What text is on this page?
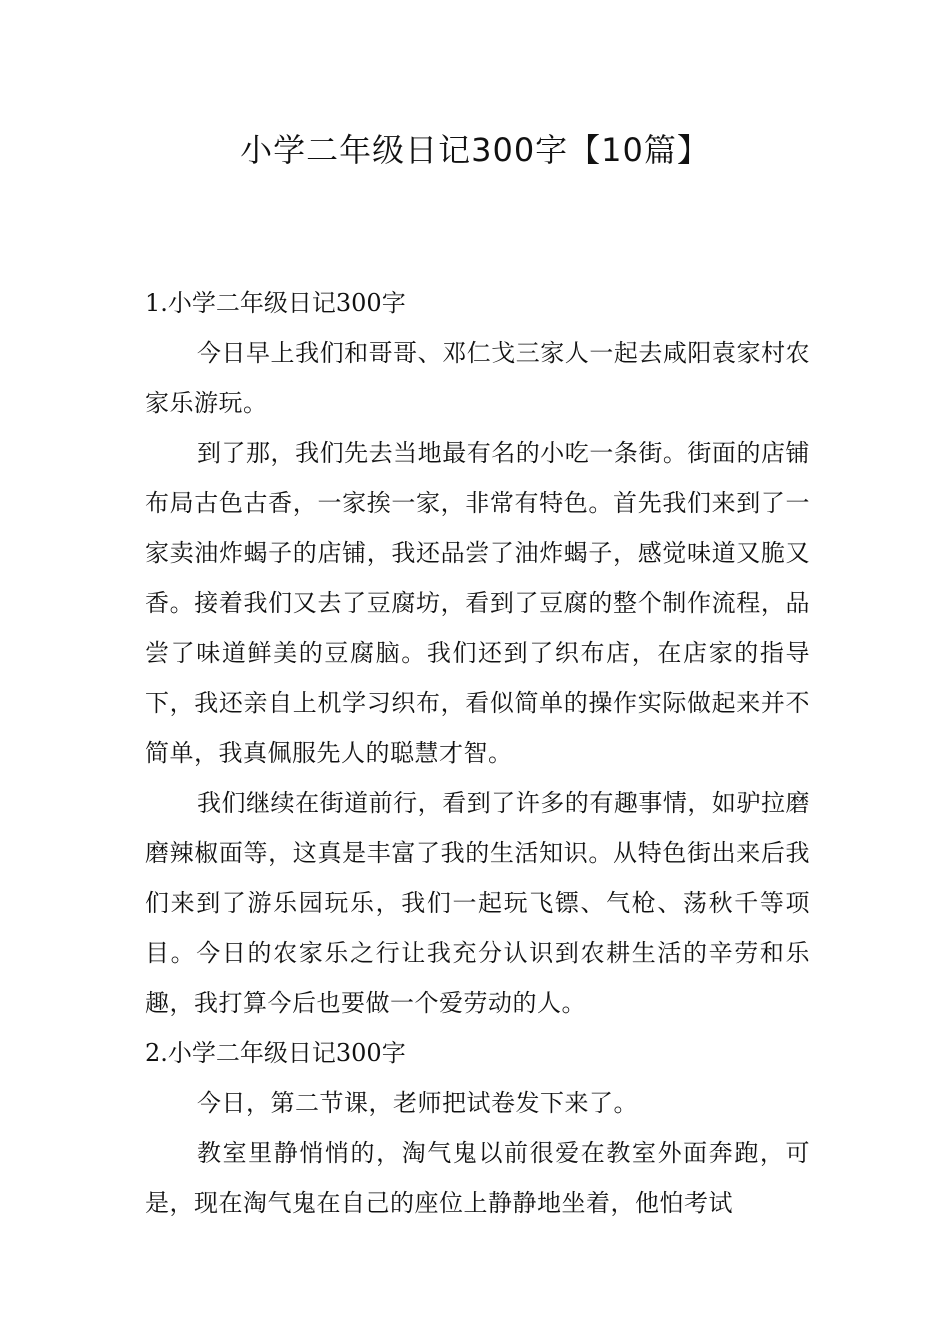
小学二年级日记300字【10篇】
1.小学二年级日记300字

今日早上我们和哥哥、邓仁戈三家人一起去咸阳袁家村农家乐游玩。

到了那，我们先去当地最有名的小吃一条街。街面的店铺布局古色古香，一家挨一家，非常有特色。首先我们来到了一家卖油炸蝎子的店铺，我还品尝了油炸蝎子，感觉味道又脆又香。接着我们又去了豆腐坊，看到了豆腐的整个制作流程，品尝了味道鲜美的豆腐脑。我们还到了织布店，在店家的指导下，我还亲自上机学习织布，看似简单的操作实际做起来并不简单，我真佩服先人的聪慧才智。

我们继续在街道前行，看到了许多的有趣事情，如驴拉磨磨辣椒面等，这真是丰富了我的生活知识。从特色街出来后我们来到了游乐园玩乐，我们一起玩飞镖、气枪、荡秋千等项目。今日的农家乐之行让我充分认识到农耕生活的辛劳和乐趣，我打算今后也要做一个爱劳动的人。

2.小学二年级日记300字

今日，第二节课，老师把试卷发下来了。

教室里静悄悄的，淘气鬼以前很爱在教室外面奔跑，可是，现在淘气鬼在自己的座位上静静地坐着，他怕考试
